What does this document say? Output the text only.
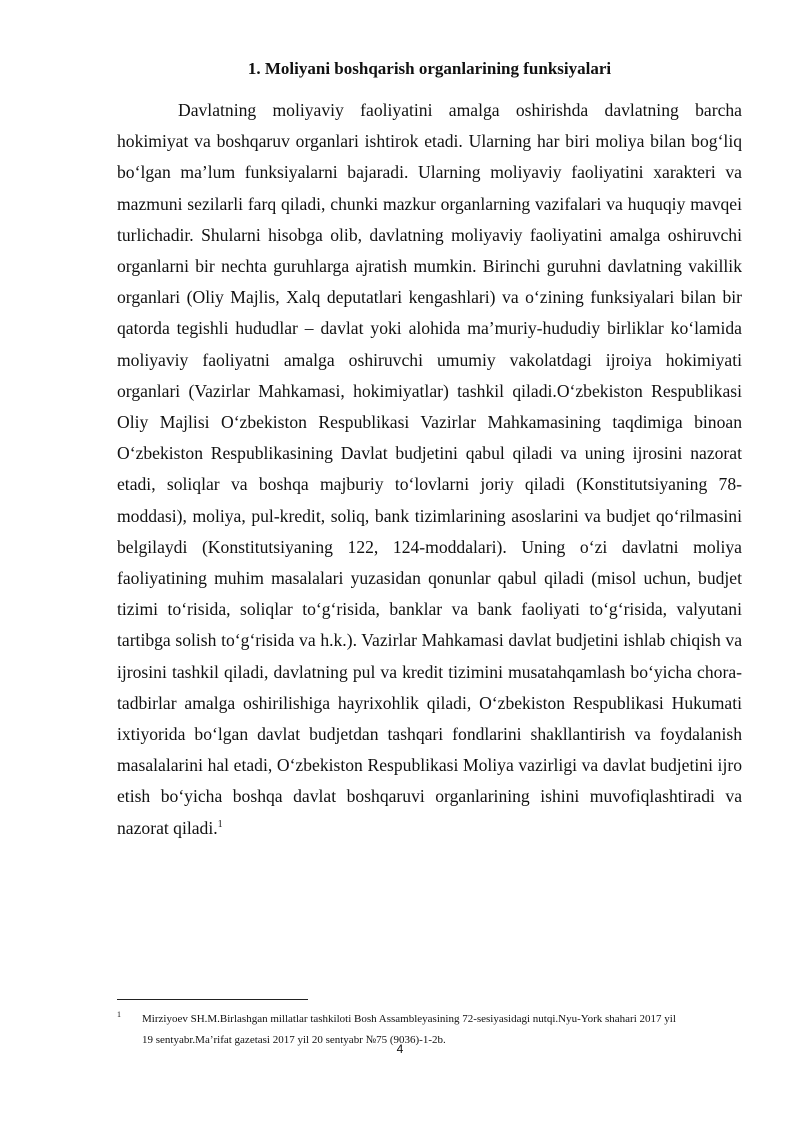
1. Moliyani boshqarish organlarining funksiyalari

Davlatning moliyaviy faoliyatini amalga oshirishda davlatning barcha hokimiyat va boshqaruv organlari ishtirok etadi. Ularning har biri moliya bilan bog‘liq bo‘lgan ma’lum funksiyalarni bajaradi. Ularning moliyaviy faoliyatini xarakteri va mazmuni sezilarli farq qiladi, chunki mazkur organlarning vazifalari va huquqiy mavqei turlichadir. Shularni hisobga olib, davlatning moliyaviy faoliyatini amalga oshiruvchi organlarni bir nechta guruhlarga ajratish mumkin. Birinchi guruhni davlatning vakillik organlari (Oliy Majlis, Xalq deputatlari kengashlari) va o‘zining funksiyalari bilan bir qatorda tegishli hududlar – davlat yoki alohida ma’muriy-hududiy birliklar ko‘lamida moliyaviy faoliyatni amalga oshiruvchi umumiy vakolatdagi ijroiya hokimiyati organlari (Vazirlar Mahkamasi, hokimiyatlar) tashkil qiladi.O‘zbekiston Respublikasi Oliy Majlisi O‘zbekiston Respublikasi Vazirlar Mahkamasining taqdimiga binoan O‘zbekiston Respublikasining Davlat budjetini qabul qiladi va uning ijrosini nazorat etadi, soliqlar va boshqa majburiy to‘lovlarni joriy qiladi (Konstitutsiyaning 78-moddasi), moliya, pul-kredit, soliq, bank tizimlarining asoslarini va budjet qo‘rilmasini belgilaydi (Konstitutsiyaning 122, 124-moddalari). Uning o‘zi davlatni moliya faoliyatining muhim masalalari yuzasidan qonunlar qabul qiladi (misol uchun, budjet tizimi to‘risida, soliqlar to‘g‘risida, banklar va bank faoliyati to‘g‘risida, valyutani tartibga solish to‘g‘risida va h.k.). Vazirlar Mahkamasi davlat budjetini ishlab chiqish va ijrosini tashkil qiladi, davlatning pul va kredit tizimini musatahqamlash bo‘yicha chora-tadbirlar amalga oshirilishiga hayrixohlik qiladi, O‘zbekiston Respublikasi Hukumati ixtiyorida bo‘lgan davlat budjetdan tashqari fondlarini shakllantirish va foydalanish masalalarini hal etadi, O‘zbekiston Respublikasi Moliya vazirligi va davlat budjetini ijro etish bo‘yicha boshqa davlat boshqaruvi organlarining ishini muvofiqlashtiradi va nazorat qiladi.$^1$

1 Mirziyoev SH.M.Birlashgan millatlar tashkiloti Bosh Assambleyasining 72-sesiyasidagi nutqi.Nyu-York shahari 2017 yil
19 sentyabr.Ma’rifat gazetasi 2017 yil 20 sentyabr №75 (9036)-1-2b.

4
